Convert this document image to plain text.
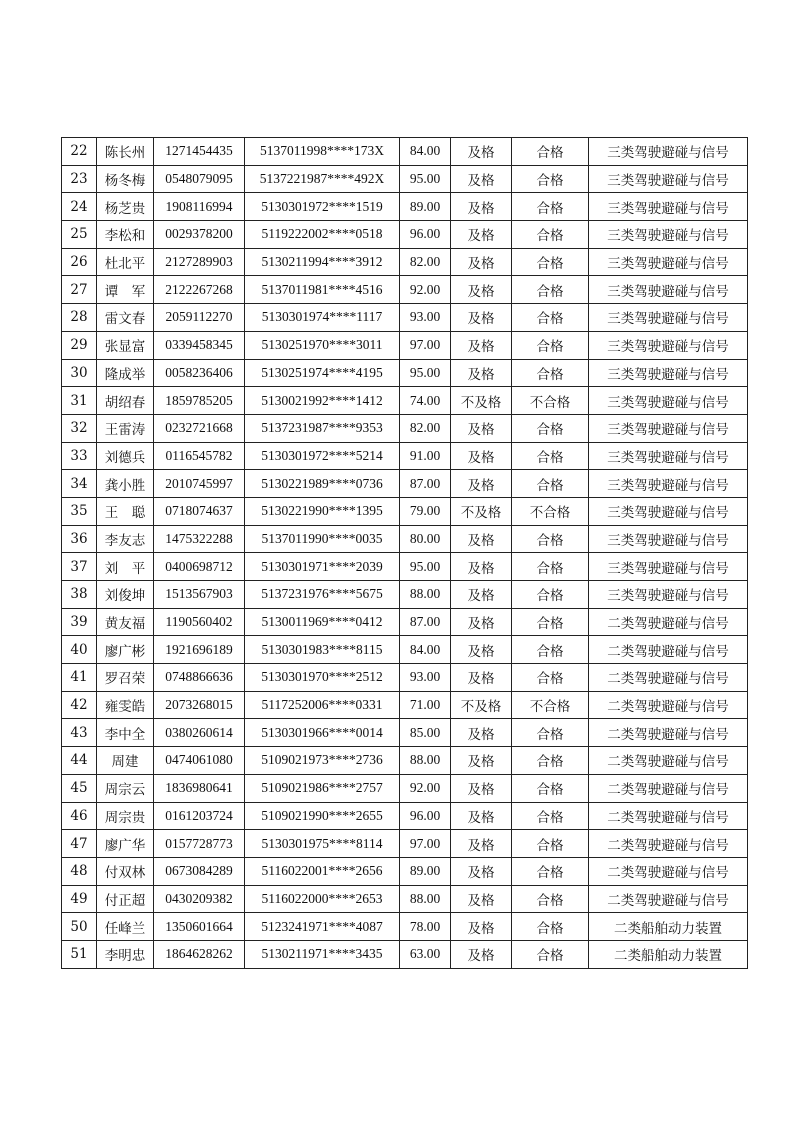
22	陈长州	1271454435	5137011998****173X	84.00	及格	合格	三类驾驶避碰与信号
23	杨冬梅	0548079095	5137221987****492X	95.00	及格	合格	三类驾驶避碰与信号
24	杨芝贵	1908116994	5130301972****1519	89.00	及格	合格	三类驾驶避碰与信号
25	李松和	0029378200	5119222002****0518	96.00	及格	合格	三类驾驶避碰与信号
26	杜北平	2127289903	5130211994****3912	82.00	及格	合格	三类驾驶避碰与信号
27	谭　军	2122267268	5137011981****4516	92.00	及格	合格	三类驾驶避碰与信号
28	雷文春	2059112270	5130301974****1117	93.00	及格	合格	三类驾驶避碰与信号
29	张显富	0339458345	5130251970****3011	97.00	及格	合格	三类驾驶避碰与信号
30	隆成举	0058236406	5130251974****4195	95.00	及格	合格	三类驾驶避碰与信号
31	胡绍春	1859785205	5130021992****1412	74.00	不及格	不合格	三类驾驶避碰与信号
32	王雷涛	0232721668	5137231987****9353	82.00	及格	合格	三类驾驶避碰与信号
33	刘德兵	0116545782	5130301972****5214	91.00	及格	合格	三类驾驶避碰与信号
34	龚小胜	2010745997	5130221989****0736	87.00	及格	合格	三类驾驶避碰与信号
35	王　聪	0718074637	5130221990****1395	79.00	不及格	不合格	三类驾驶避碰与信号
36	李友志	1475322288	5137011990****0035	80.00	及格	合格	三类驾驶避碰与信号
37	刘　平	0400698712	5130301971****2039	95.00	及格	合格	三类驾驶避碰与信号
38	刘俊坤	1513567903	5137231976****5675	88.00	及格	合格	三类驾驶避碰与信号
39	黄友福	1190560402	5130011969****0412	87.00	及格	合格	二类驾驶避碰与信号
40	廖广彬	1921696189	5130301983****8115	84.00	及格	合格	二类驾驶避碰与信号
41	罗召荣	0748866636	5130301970****2512	93.00	及格	合格	二类驾驶避碰与信号
42	雍雯皓	2073268015	5117252006****0331	71.00	不及格	不合格	二类驾驶避碰与信号
43	李中全	0380260614	5130301966****0014	85.00	及格	合格	二类驾驶避碰与信号
44	周建	0474061080	5109021973****2736	88.00	及格	合格	二类驾驶避碰与信号
45	周宗云	1836980641	5109021986****2757	92.00	及格	合格	二类驾驶避碰与信号
46	周宗贵	0161203724	5109021990****2655	96.00	及格	合格	二类驾驶避碰与信号
47	廖广华	0157728773	5130301975****8114	97.00	及格	合格	二类驾驶避碰与信号
48	付双林	0673084289	5116022001****2656	89.00	及格	合格	二类驾驶避碰与信号
49	付正超	0430209382	5116022000****2653	88.00	及格	合格	二类驾驶避碰与信号
50	任峰兰	1350601664	5123241971****4087	78.00	及格	合格	二类船舶动力装置
51	李明忠	1864628262	5130211971****3435	63.00	及格	合格	二类船舶动力装置
